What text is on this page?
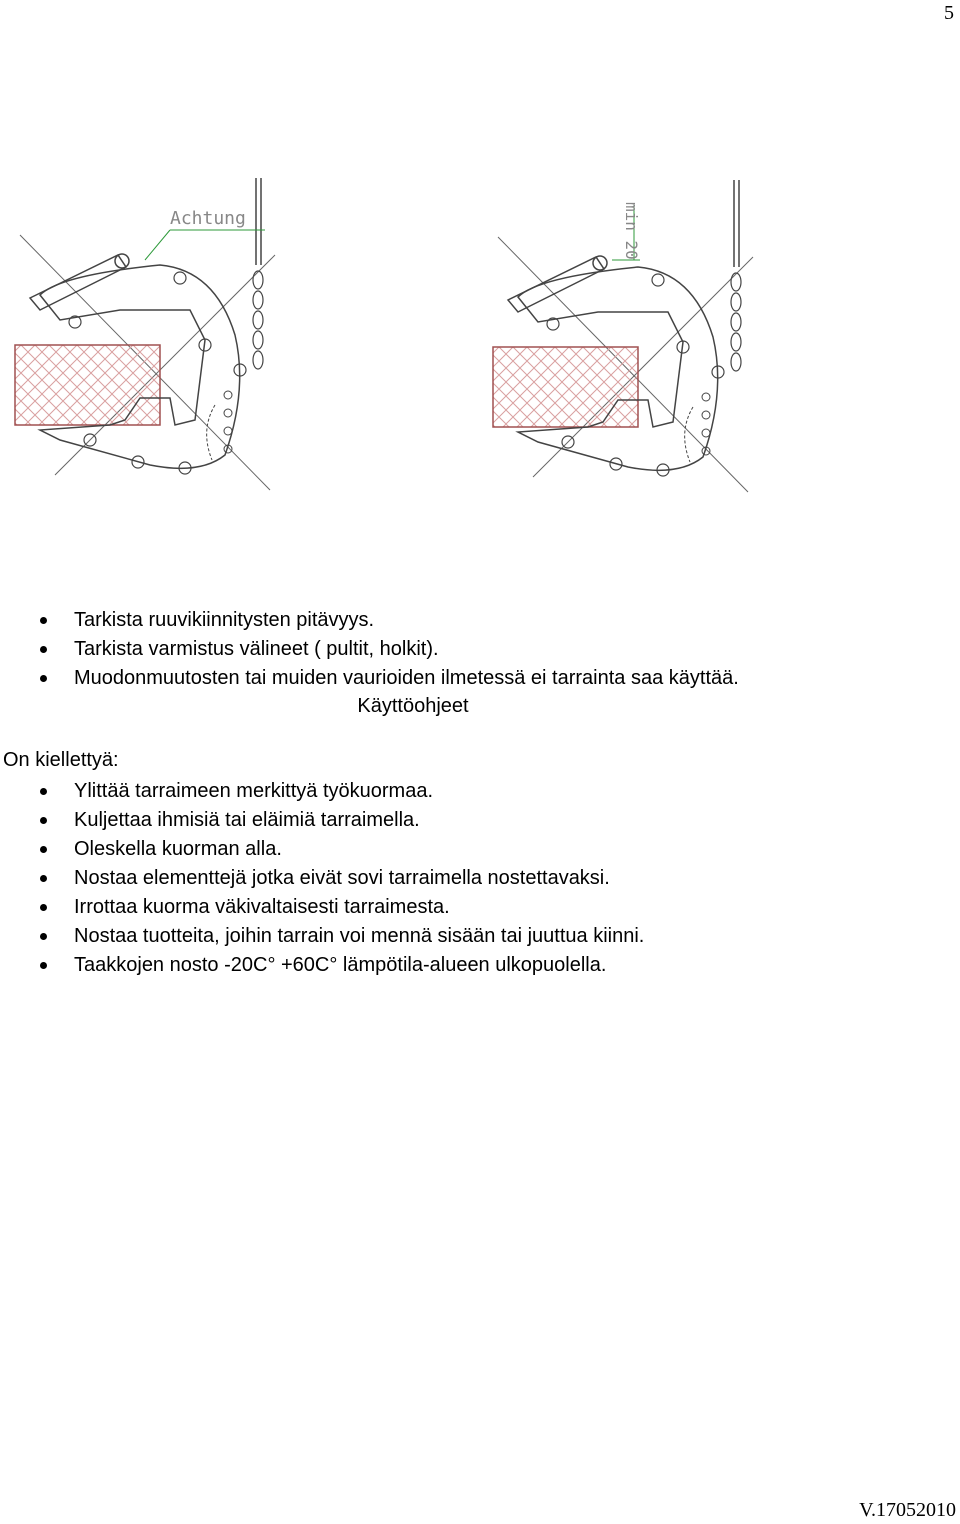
5
Achtung	min 20
Tarkista ruuvikiinnitysten pitävyys.
Tarkista varmistus välineet ( pultit, holkit).
Muodonmuutosten tai muiden vaurioiden ilmetessä ei tarrainta saa käyttää.
Käyttöohjeet
On kiellettyä:
Ylittää tarraimeen merkittyä työkuormaa.
Kuljettaa ihmisiä tai eläimiä tarraimella.
Oleskella kuorman alla.
Nostaa elementtejä jotka eivät sovi tarraimella nostettavaksi.
Irrottaa kuorma väkivaltaisesti tarraimesta.
Nostaa tuotteita, joihin tarrain voi mennä sisään tai juuttua kiinni.
Taakkojen nosto -20C° +60C° lämpötila-alueen ulkopuolella.
V.17052010
